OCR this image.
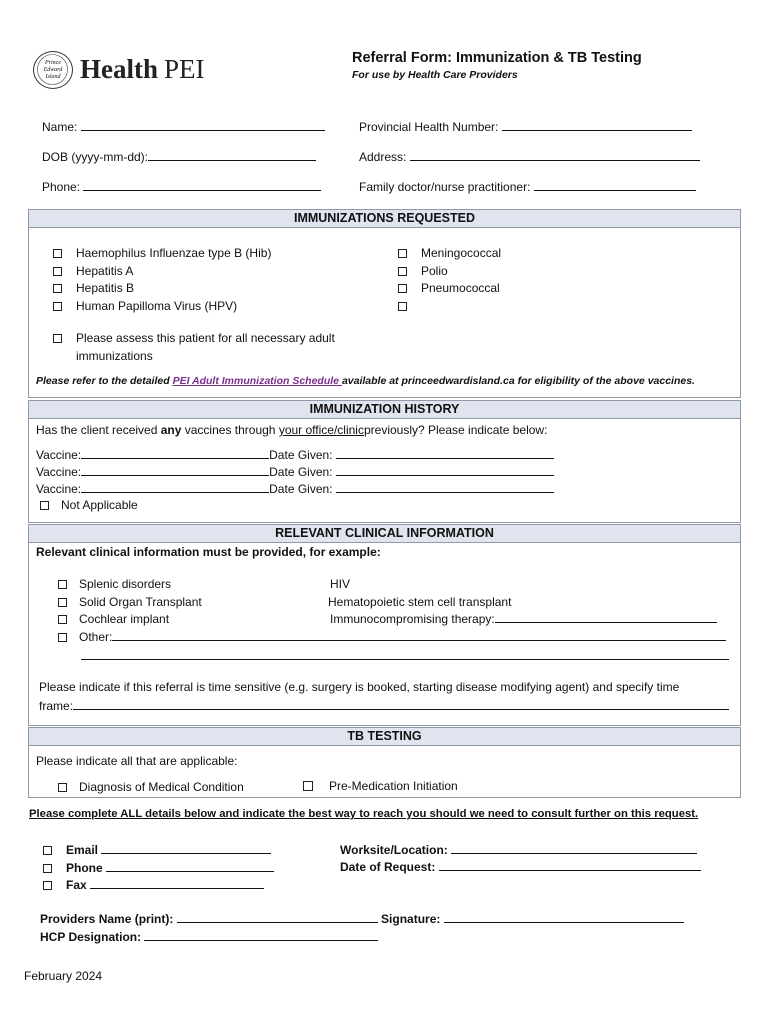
Prince Edward Island Health PEI	Referral Form: Immunization & TB Testing
For use by Health Care Providers
Name:	Provincial Health Number:
DOB (yyyy-mm-dd):	Address:
Phone:	Family doctor/nurse practitioner:
IMMUNIZATIONS REQUESTED
Haemophilus Influenzae type B (Hib)
Hepatitis A
Hepatitis B
Human Papilloma Virus (HPV)
Meningococcal
Polio
Pneumococcal
Please assess this patient for all necessary adult
immunizations
Please refer to the detailed PEI Adult Immunization Schedule available at princeedwardisland.ca for eligibility of the above vaccines.
IMMUNIZATION HISTORY
Has the client received any vaccines through your office/clinicpreviously? Please indicate below:
Vaccine:	Date Given:
Vaccine:	Date Given:
Vaccine:	Date Given:
Not Applicable
RELEVANT CLINICAL INFORMATION
Relevant clinical information must be provided, for example:
Splenic disorders
Solid Organ Transplant
Cochlear implant
Other:
HIV
Hematopoietic stem cell transplant
Immunocompromising therapy:
Please indicate if this referral is time sensitive (e.g. surgery is booked, starting disease modifying agent) and specify time
frame:
TB TESTING
Please indicate all that are applicable:
Diagnosis of Medical Condition	Pre-Medication Initiation
Please complete ALL details below and indicate the best way to reach you should we need to consult further on this request.
Email
Phone
Fax
Worksite/Location:
Date of Request:
Providers Name (print):	Signature:
HCP Designation:
February 2024
